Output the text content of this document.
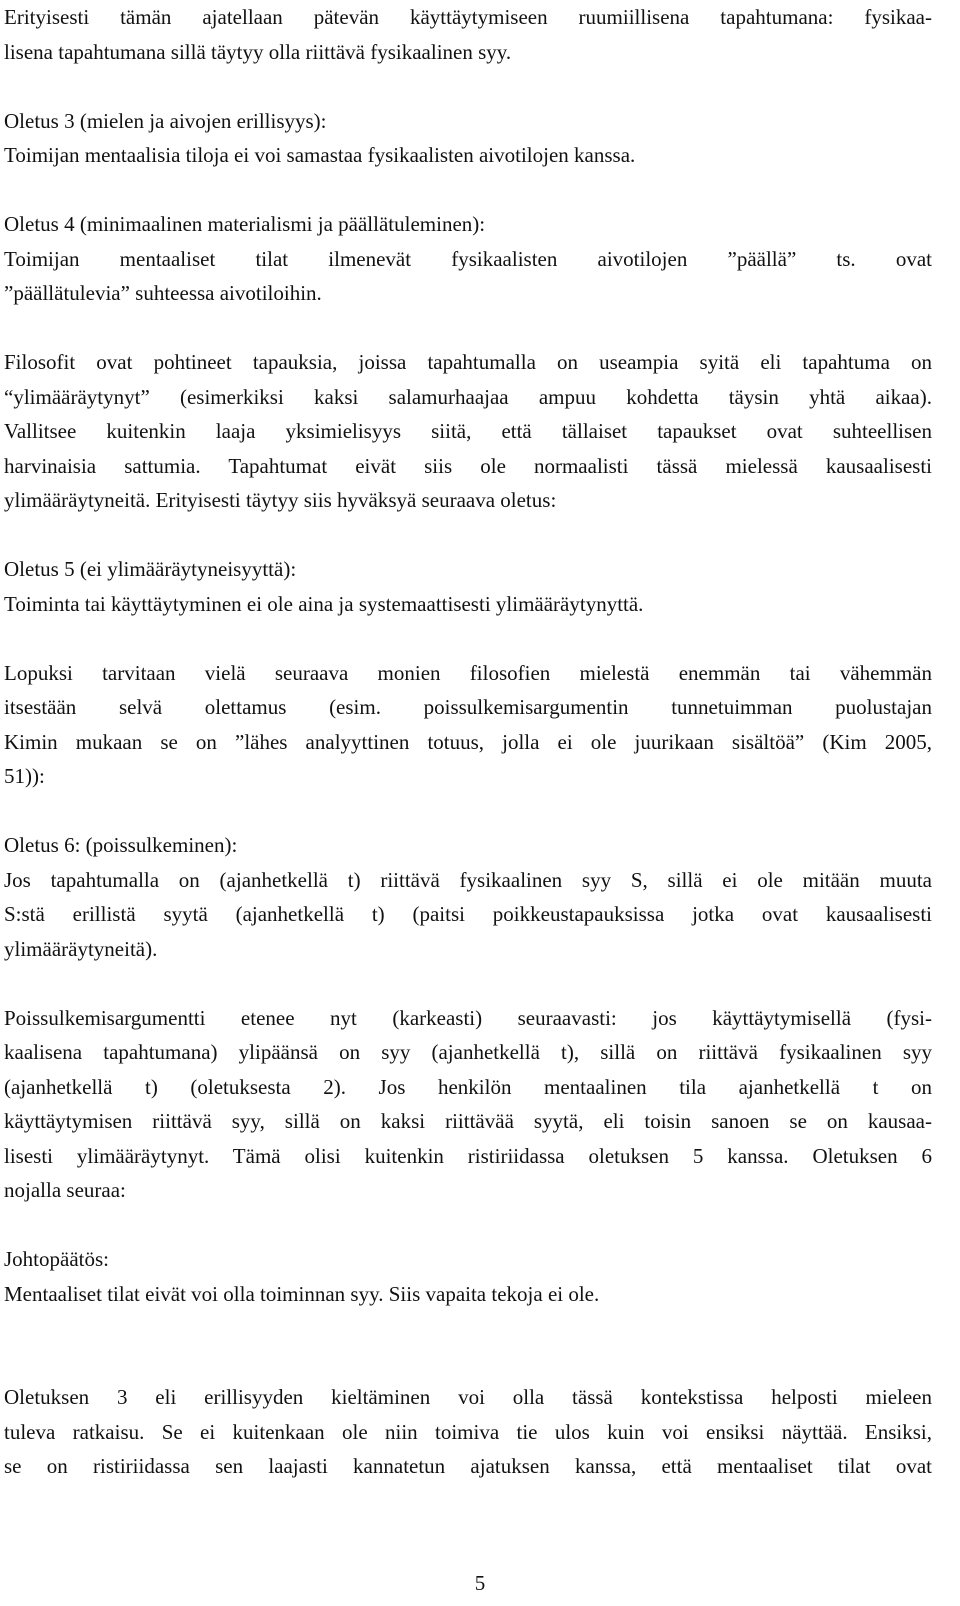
Erityisesti tämän ajatellaan pätevän käyttäytymiseen ruumiillisena tapahtumana: fysikaa-

lisena tapahtumana sillä täytyy olla riittävä fysikaalinen syy.

Oletus 3 (mielen ja aivojen erillisyys):

Toimijan mentaalisia tiloja ei voi samastaa fysikaalisten aivotilojen kanssa.

Oletus 4 (minimaalinen materialismi ja päällätuleminen):

Toimijan mentaaliset tilat ilmenevät fysikaalisten aivotilojen ”päällä” ts. ovat

”päällätulevia” suhteessa aivotiloihin.

Filosofit ovat pohtineet tapauksia, joissa tapahtumalla on useampia syitä eli tapahtuma on

“ylimääräytynyt” (esimerkiksi kaksi salamurhaajaa ampuu kohdetta täysin yhtä aikaa).

Vallitsee kuitenkin laaja yksimielisyys siitä, että tällaiset tapaukset ovat suhteellisen

harvinaisia sattumia. Tapahtumat eivät siis ole normaalisti tässä mielessä kausaalisesti

ylimääräytyneitä. Erityisesti täytyy siis hyväksyä seuraava oletus:

Oletus 5 (ei ylimääräytyneisyyttä):

Toiminta tai käyttäytyminen ei ole aina ja systemaattisesti ylimääräytynyttä.

Lopuksi tarvitaan vielä seuraava monien filosofien mielestä enemmän tai vähemmän

itsestään selvä olettamus (esim. poissulkemisargumentin tunnetuimman puolustajan

Kimin mukaan se on ”lähes analyyttinen totuus, jolla ei ole juurikaan sisältöä” (Kim 2005,

51)):

Oletus 6: (poissulkeminen):

Jos tapahtumalla on (ajanhetkellä t) riittävä fysikaalinen syy S, sillä ei ole mitään muuta

S:stä erillistä syytä (ajanhetkellä t) (paitsi poikkeustapauksissa jotka ovat kausaalisesti

ylimääräytyneitä).

Poissulkemisargumentti etenee nyt (karkeasti) seuraavasti: jos käyttäytymisellä (fysi-

kaalisena tapahtumana) ylipäänsä on syy (ajanhetkellä t), sillä on riittävä fysikaalinen syy

(ajanhetkellä t) (oletuksesta 2). Jos henkilön mentaalinen tila ajanhetkellä t on

käyttäytymisen riittävä syy, sillä on kaksi riittävää syytä, eli toisin sanoen se on kausaa-

lisesti ylimääräytynyt. Tämä olisi kuitenkin ristiriidassa oletuksen 5 kanssa. Oletuksen 6

nojalla seuraa:

Johtopäätös:

Mentaaliset tilat eivät voi olla toiminnan syy. Siis vapaita tekoja ei ole.

Oletuksen 3 eli erillisyyden kieltäminen voi olla tässä kontekstissa helposti mieleen

tuleva ratkaisu. Se ei kuitenkaan ole niin toimiva tie ulos kuin voi ensiksi näyttää. Ensiksi,

se on ristiriidassa sen laajasti kannatetun ajatuksen kanssa, että mentaaliset tilat ovat

5
